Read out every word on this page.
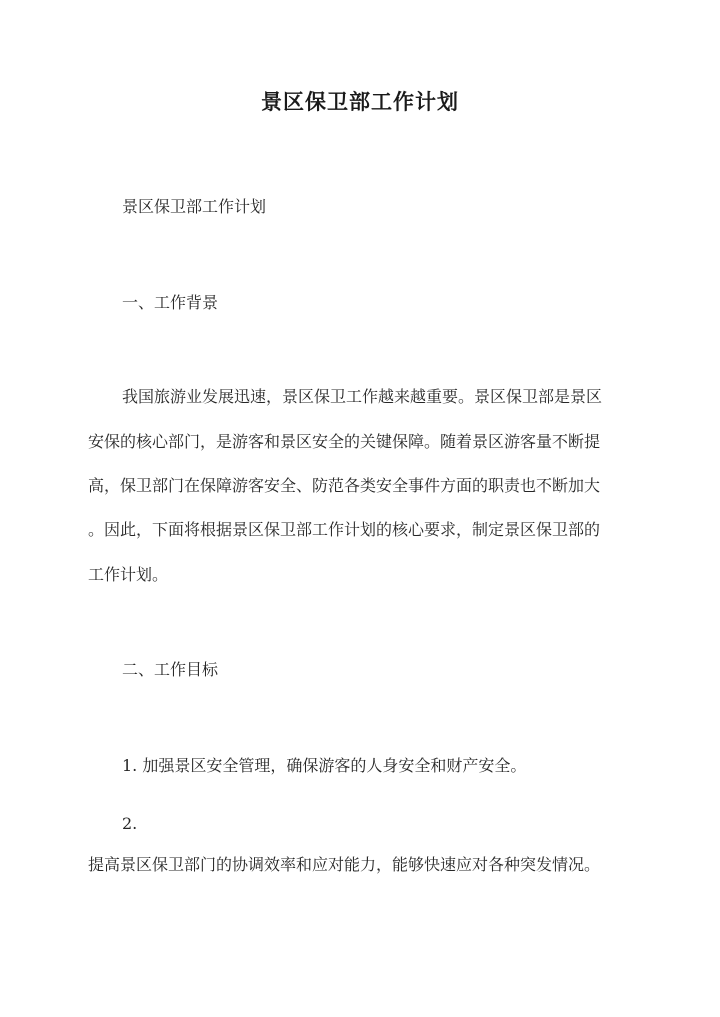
景区保卫部工作计划
景区保卫部工作计划
一、工作背景
我国旅游业发展迅速，景区保卫工作越来越重要。景区保卫部是景区
安保的核心部门，是游客和景区安全的关键保障。随着景区游客量不断提
高，保卫部门在保障游客安全、防范各类安全事件方面的职责也不断加大
。因此，下面将根据景区保卫部工作计划的核心要求，制定景区保卫部的
工作计划。
二、工作目标
1. 加强景区安全管理，确保游客的人身安全和财产安全。
2.
提高景区保卫部门的协调效率和应对能力，能够快速应对各种突发情况。
